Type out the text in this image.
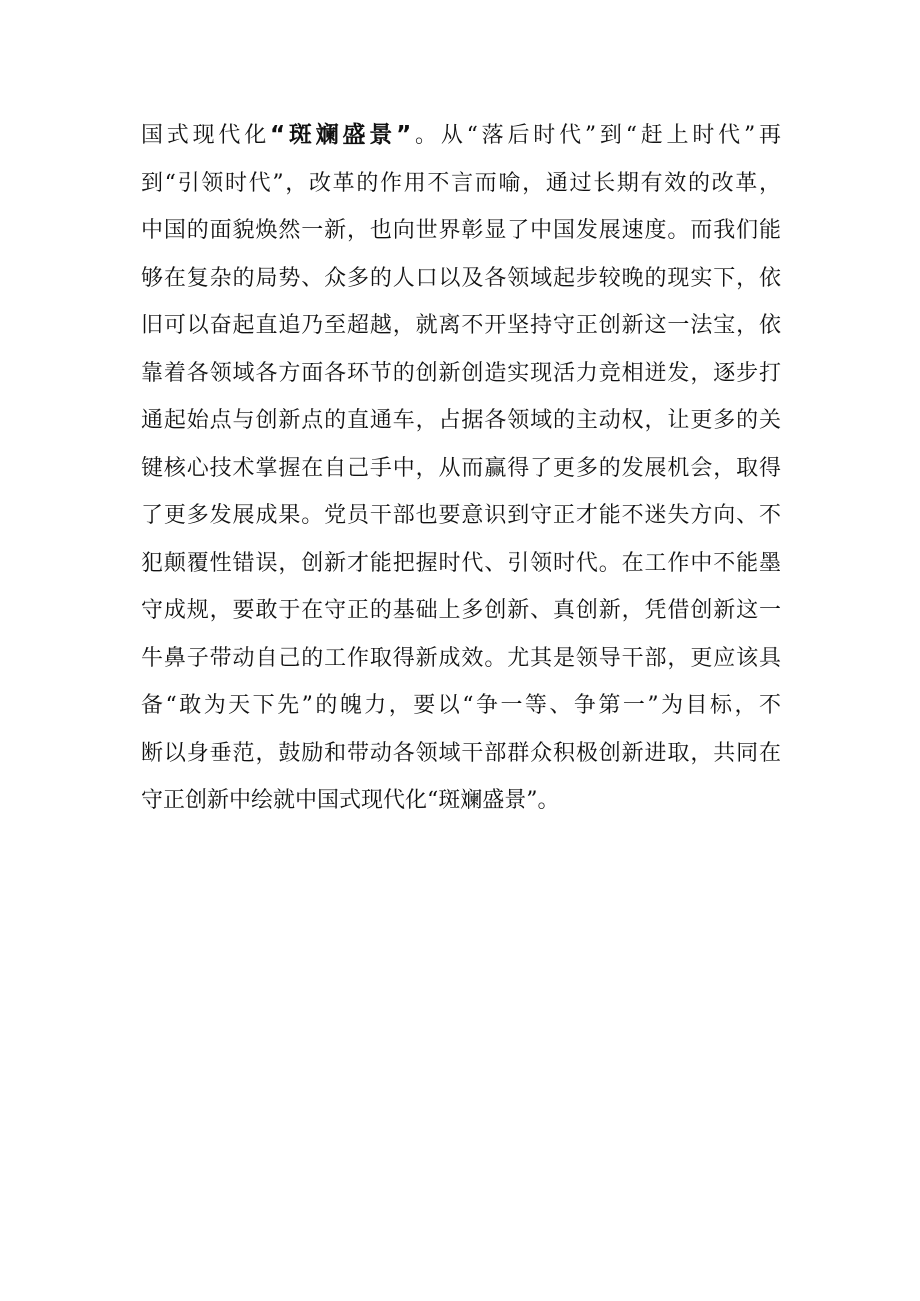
国式现代化“斑斓盛景”。从“落后时代”到“赶上时代”再
到“引领时代”，改革的作用不言而喻，通过长期有效的改革，
中国的面貌焕然一新，也向世界彰显了中国发展速度。而我们能
够在复杂的局势、众多的人口以及各领域起步较晚的现实下，依
旧可以奋起直追乃至超越，就离不开坚持守正创新这一法宝，依
靠着各领域各方面各环节的创新创造实现活力竞相迸发，逐步打
通起始点与创新点的直通车，占据各领域的主动权，让更多的关
键核心技术掌握在自己手中，从而赢得了更多的发展机会，取得
了更多发展成果。党员干部也要意识到守正才能不迷失方向、不
犯颠覆性错误，创新才能把握时代、引领时代。在工作中不能墨
守成规，要敢于在守正的基础上多创新、真创新，凭借创新这一
牛鼻子带动自己的工作取得新成效。尤其是领导干部，更应该具
备“敢为天下先”的魄力，要以“争一等、争第一”为目标，不
断以身垂范，鼓励和带动各领域干部群众积极创新进取，共同在
守正创新中绘就中国式现代化“斑斓盛景”。
